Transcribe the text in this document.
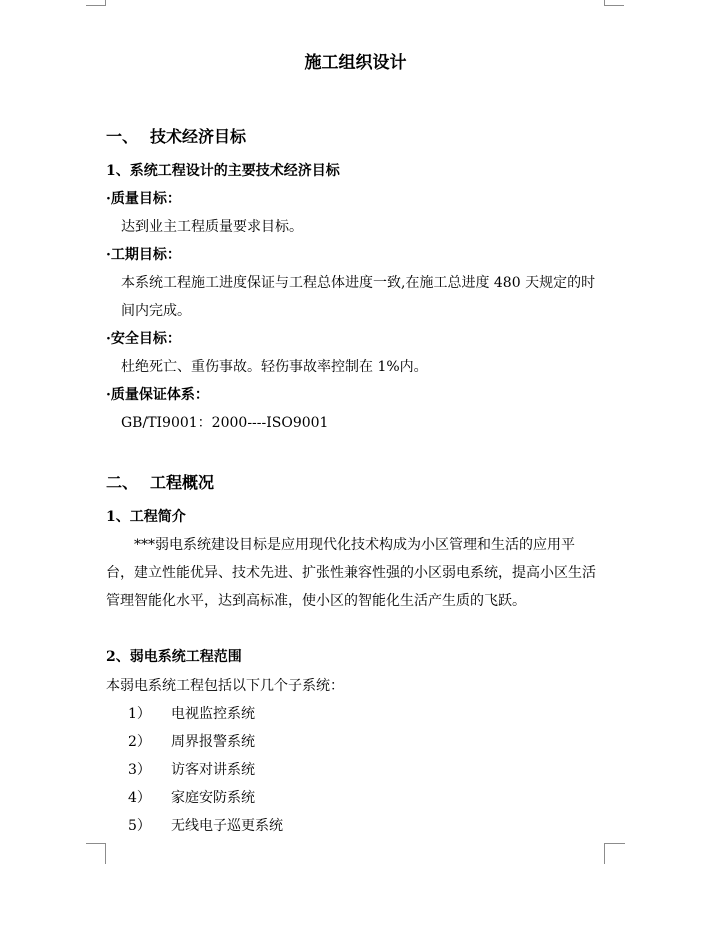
施工组织设计
一、 技术经济目标
1、系统工程设计的主要技术经济目标
·质量目标：
达到业主工程质量要求目标。
·工期目标：
本系统工程施工进度保证与工程总体进度一致,在施工总进度 480 天规定的时
间内完成。
·安全目标：
杜绝死亡、重伤事故。轻伤事故率控制在 1%内。
·质量保证体系：
GB/TI9001：2000----ISO9001
二、 工程概况
1、工程简介
***弱电系统建设目标是应用现代化技术构成为小区管理和生活的应用平
台，建立性能优异、技术先进、扩张性兼容性强的小区弱电系统，提高小区生活
管理智能化水平，达到高标准，使小区的智能化生活产生质的飞跃。
2、弱电系统工程范围
本弱电系统工程包括以下几个子系统：
1） 电视监控系统
2） 周界报警系统
3） 访客对讲系统
4） 家庭安防系统
5） 无线电子巡更系统
